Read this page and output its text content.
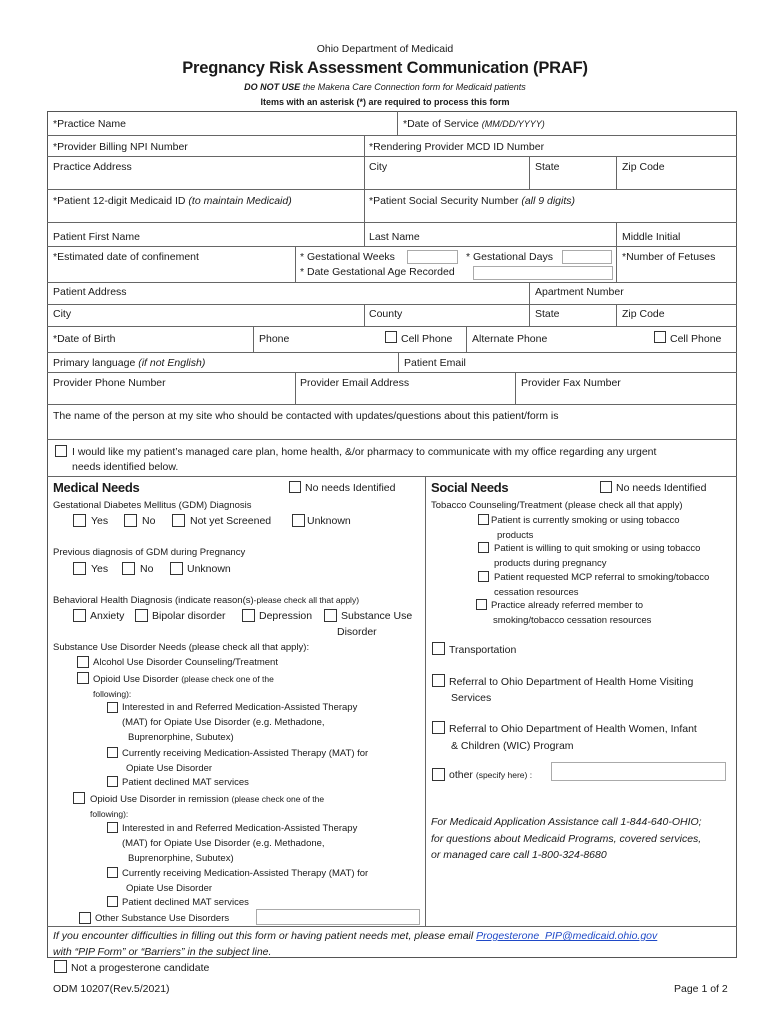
Ohio Department of Medicaid
Pregnancy Risk Assessment Communication (PRAF)
DO NOT USE the Makena Care Connection form for Medicaid patients
Items with an asterisk (*) are required to process this form
*Practice Name	*Date of Service (MM/DD/YYYY)
*Provider Billing NPI Number	*Rendering Provider MCD ID Number
Practice Address	City	State	Zip Code
*Patient 12-digit Medicaid ID (to maintain Medicaid)	*Patient Social Security Number (all 9 digits)
Patient First Name	Last Name	Middle Initial
*Estimated date of confinement	* Gestational Weeks	* Gestational Days	*Number of Fetuses
* Date Gestational Age Recorded
Patient Address	Apartment Number
City	County	State	Zip Code
*Date of Birth	Phone	Cell Phone Alternate Phone	Cell Phone
Primary language (if not English)	Patient Email
Provider Phone Number	Provider Email Address	Provider Fax Number
The name of the person at my site who should be contacted with updates/questions about this patient/form is
I would like my patient’s managed care plan, home health, &/or pharmacy to communicate with my office regarding any urgent
needs identified below.
Medical Needs	No needs Identified
Gestational Diabetes Mellitus (GDM) Diagnosis
Yes	No	Not yet Screened	Unknown
Previous diagnosis of GDM during Pregnancy
Yes	No	Unknown
Behavioral Health Diagnosis (indicate reason(s)-please check all that apply)
Anxiety	Bipolar disorder	Depression	Substance Use
Disorder
Substance Use Disorder Needs (please check all that apply):
Alcohol Use Disorder Counseling/Treatment
Opioid Use Disorder (please check one of the
following):
Interested in and Referred Medication-Assisted Therapy
(MAT) for Opiate Use Disorder (e.g. Methadone,
Buprenorphine, Subutex)
Currently receiving Medication-Assisted Therapy (MAT) for
Opiate Use Disorder
Patient declined MAT services
Opioid Use Disorder in remission (please check one of the
following):
Interested in and Referred Medication-Assisted Therapy
(MAT) for Opiate Use Disorder (e.g. Methadone,
Buprenorphine, Subutex)
Currently receiving Medication-Assisted Therapy (MAT) for
Opiate Use Disorder
Patient declined MAT services
Other Substance Use Disorders
Social Needs	No needs Identified
Tobacco Counseling/Treatment (please check all that apply)
Patient is currently smoking or using tobacco
products
Patient is willing to quit smoking or using tobacco
products during pregnancy
Patient requested MCP referral to smoking/tobacco
cessation resources
Practice already referred member to
smoking/tobacco cessation resources
Transportation
Referral to Ohio Department of Health Home Visiting
Services
Referral to Ohio Department of Health Women, Infant
& Children (WIC) Program
other (specify here) :
For Medicaid Application Assistance call 1-844-640-OHIO;
for questions about Medicaid Programs, covered services,
or managed care call 1-800-324-8680
If you encounter difficulties in filling out this form or having patient needs met, please email Progesterone_PIP@medicaid.ohio.gov
with “PIP Form” or “Barriers” in the subject line.
Not a progesterone candidate
ODM 10207(Rev.5/2021)	Page 1 of 2
